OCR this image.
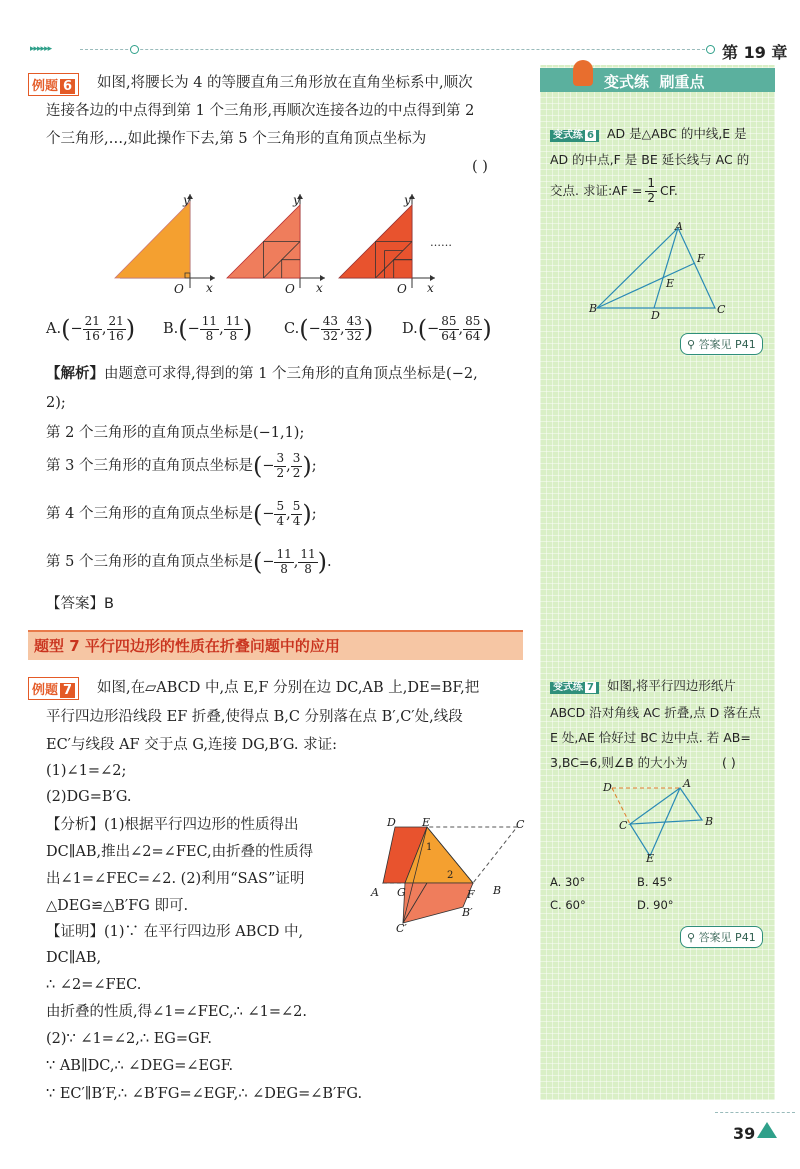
▸▸▸▸▸▸	第 19 章
例题 6	如图,将腰长为 4 的等腰直角三角形放在直角坐标系中,顺次
连接各边的中点得到第 1 个三角形,再顺次连接各边的中点得到第 2
个三角形,…,如此操作下去,第 5 个三角形的直角顶点坐标为
( )
y
O x
y
O x
y
O x
……
A. ( − $\frac{21}{16}$ , $\frac{21}{16}$ ) B. ( − $\frac{11}{8}$ , $\frac{11}{8}$ ) C. ( − $\frac{43}{32}$ , $\frac{43}{32}$ ) D. ( − $\frac{85}{64}$ , $\frac{85}{64}$ )
【解析】由题意可求得,得到的第 1 个三角形的直角顶点坐标是(−2,
2);
第 2 个三角形的直角顶点坐标是(−1,1);
第 3 个三角形的直角顶点坐标是 ( − $\frac{3}{2}$ , $\frac{3}{2}$ ) ;
第 4 个三角形的直角顶点坐标是 ( − $\frac{5}{4}$ , $\frac{5}{4}$ ) ;
第 5 个三角形的直角顶点坐标是 ( − $\frac{11}{8}$ , $\frac{11}{8}$ ) .
【答案】B
题型 7 平行四边形的性质在折叠问题中的应用
例题 7	如图,在▱ABCD 中,点 E,F 分别在边 DC,AB 上,DE=BF,把
平行四边形沿线段 EF 折叠,使得点 B,C 分别落在点 B′,C′处,线段
EC′与线段 AF 交于点 G,连接 DG,B′G. 求证:
(1)∠1=∠2;
(2)DG=B′G.
【分析】(1)根据平行四边形的性质得出
DC∥AB,推出∠2=∠FEC,由折叠的性质得
出∠1=∠FEC=∠2. (2)利用“SAS”证明
△DEG≌△B′FG 即可.
【证明】(1)∵ 在平行四边形 ABCD 中,
DC∥AB,
∴ ∠2=∠FEC.
由折叠的性质,得∠1=∠FEC,∴ ∠1=∠2.
(2)∵ ∠1=∠2,∴ EG=GF.
∵ AB∥DC,∴ ∠DEG=∠EGF.
∵ EC′∥B′F,∴ ∠B′FG=∠EGF,∴ ∠DEG=∠B′FG.
D E	C
1
2
A G	F B
B′
C′
变式练  刷重点
变式练 6 AD 是△ABC 的中线,E 是
AD 的中点,F 是 BE 延长线与 AC 的
交点. 求证:AF = $\frac{1}{2}$ CF.
A
F
E
B
D	C
⚲ 答案见 P41
变式练 7 如图,将平行四边形纸片
ABCD 沿对角线 AC 折叠,点 D 落在点
E 处,AE 恰好过 BC 边中点. 若 AB=
3,BC=6,则∠B 的大小为	( )
D	A
C	B
E
A. 30°	B. 45°
C. 60°	D. 90°
⚲ 答案见 P41
39
